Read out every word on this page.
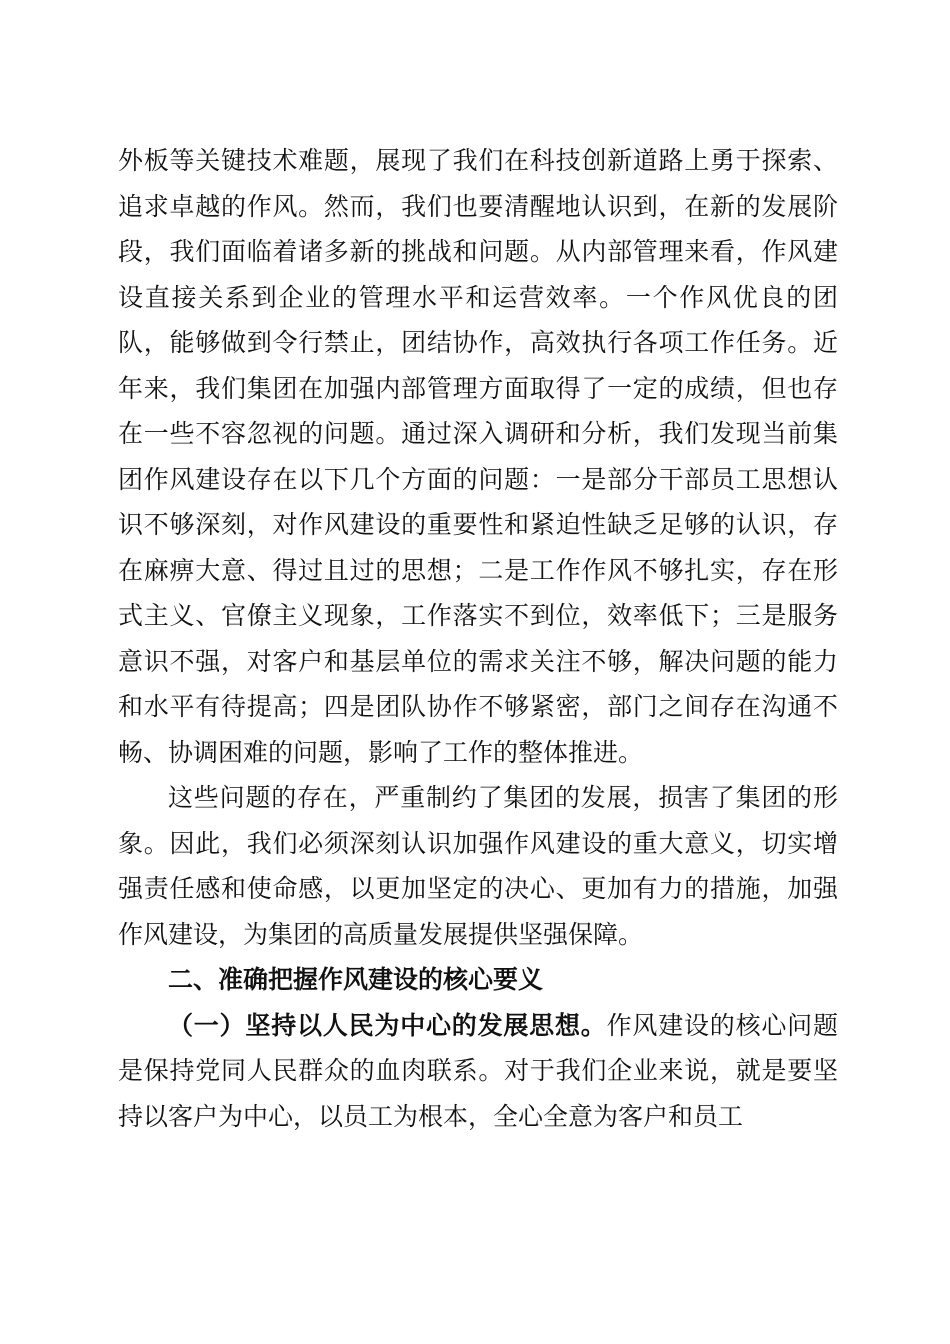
外板等关键技术难题，展现了我们在科技创新道路上勇于探索、追求卓越的作风。然而，我们也要清醒地认识到，在新的发展阶段，我们面临着诸多新的挑战和问题。从内部管理来看，作风建设直接关系到企业的管理水平和运营效率。一个作风优良的团队，能够做到令行禁止，团结协作，高效执行各项工作任务。近年来，我们集团在加强内部管理方面取得了一定的成绩，但也存在一些不容忽视的问题。通过深入调研和分析，我们发现当前集团作风建设存在以下几个方面的问题：一是部分干部员工思想认识不够深刻，对作风建设的重要性和紧迫性缺乏足够的认识，存在麻痹大意、得过且过的思想；二是工作作风不够扎实，存在形式主义、官僚主义现象，工作落实不到位，效率低下；三是服务意识不强，对客户和基层单位的需求关注不够，解决问题的能力和水平有待提高；四是团队协作不够紧密，部门之间存在沟通不畅、协调困难的问题，影响了工作的整体推进。

这些问题的存在，严重制约了集团的发展，损害了集团的形象。因此，我们必须深刻认识加强作风建设的重大意义，切实增强责任感和使命感，以更加坚定的决心、更加有力的措施，加强作风建设，为集团的高质量发展提供坚强保障。

二、准确把握作风建设的核心要义

（一）坚持以人民为中心的发展思想。作风建设的核心问题是保持党同人民群众的血肉联系。对于我们企业来说，就是要坚持以客户为中心，以员工为根本，全心全意为客户和员工
